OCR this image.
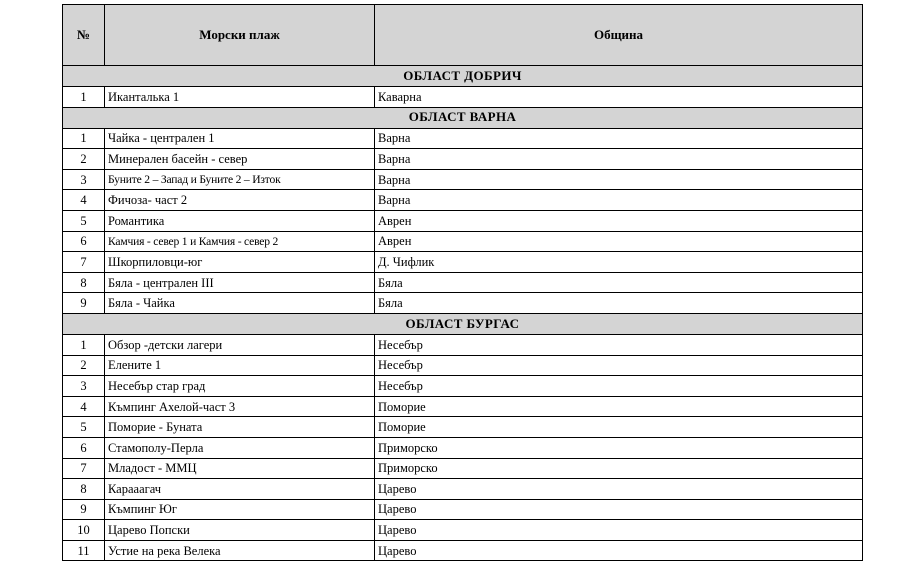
№	Морски плаж	Община
ОБЛАСТ ДОБРИЧ		
1	Иканталька 1	Каварна
ОБЛАСТ ВАРНА		
1	Чайка - централен 1	Варна
2	Минерален басейн - север	Варна
3	Буните 2 – Запад и Буните 2 – Изток	Варна
4	Фичоза- част 2	Варна
5	Романтика	Аврен
6	Камчия - север 1 и Камчия - север 2	Аврен
7	Шкорпиловци-юг	Д. Чифлик
8	Бяла - централен III	Бяла
9	Бяла - Чайка	Бяла
ОБЛАСТ БУРГАС		
1	Обзор -детски лагери	Несебър
2	Елените 1	Несебър
3	Несебър стар град	Несебър
4	Къмпинг Ахелой-част 3	Поморие
5	Поморие - Буната	Поморие
6	Стамополу-Перла	Приморско
7	Младост - ММЦ	Приморско
8	Карааагач	Царево
9	Къмпинг Юг	Царево
10	Царево Попски	Царево
11	Устие на река Велека	Царево
